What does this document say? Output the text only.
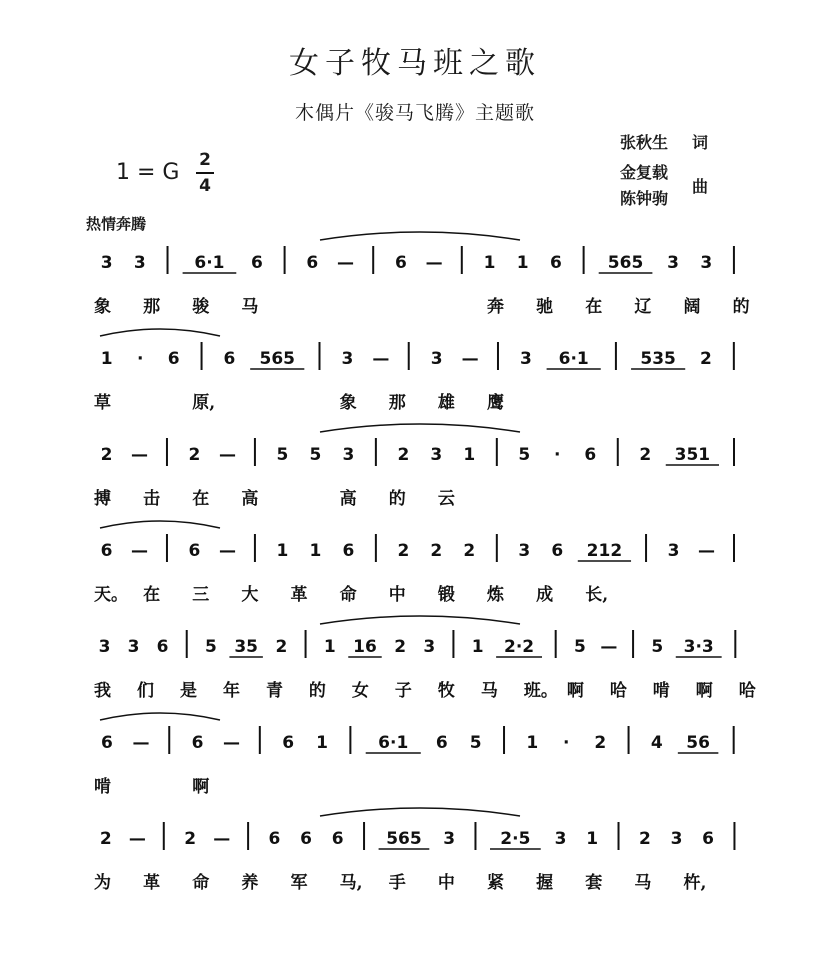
女子牧马班之歌
木偶片《骏马飞腾》主题歌
张秋生 词
金复载
陈钟驹
曲
1 = G 2
4
热情奔腾
3 3	6·1 6	6 — 6 — 1 1 6	565 3 3
象 那 骏 马	奔 驰 在 辽 阔 的
1 · 6	6 565	3 — 3 — 3 6·1	535 2
草	原,	象 那 雄 鹰
2 — 2 — 5 5 3	2 3 1	5 · 6	2 351
搏 击 在 高	高 的 云
6 — 6 — 1 1 6	2 2 2	3 6 212	3 —
天。 在 三 大 革 命 中 锻 炼 成 长,
3 3 6 5 35 2 1 16 2 3 1 2·2 5 — 5 3·3
我 们 是 年 青 的 女 子 牧 马 班。 啊 哈 啃 啊 哈
6 — 6 — 6 1	6·1 6 5	1 · 2	4 56
啃	啊
2 — 2 — 6 6 6	565 3	2·5 3 1 2 3 6
为 革 命 养 军 马, 手 中 紧 握 套 马 杵,
